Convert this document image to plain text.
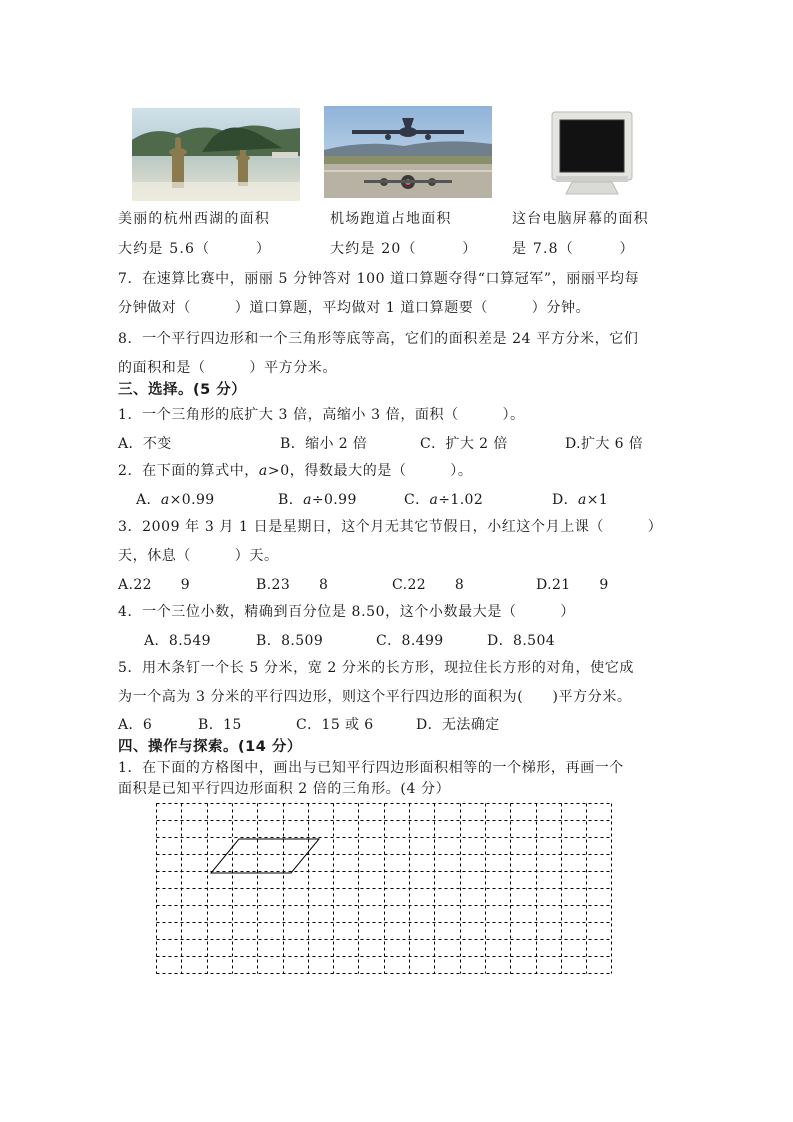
美丽的杭州西湖的面积
大约是 5.6（　　　）
机场跑道占地面积
大约是 20（　　　）
这台电脑屏幕的面积
是 7.8（　　　）
7．在速算比赛中，丽丽 5 分钟答对 100 道口算题夺得“口算冠军”，丽丽平均每
分钟做对（　　　）道口算题，平均做对 1 道口算题要（　　　）分钟。
8．一个平行四边形和一个三角形等底等高，它们的面积差是 24 平方分米，它们
的面积和是（　　　）平方分米。
三、选择。(5 分）
1．一个三角形的底扩大 3 倍，高缩小 3 倍，面积（　　　）。
A．不变	B．缩小 2 倍	C．扩大 2 倍	D.扩大 6 倍
2．在下面的算式中，a>0，得数最大的是（　　　）。
A．a×0.99	B．a÷0.99	C．a÷1.02	D．a×1
3．2009 年 3 月 1 日是星期日，这个月无其它节假日，小红这个月上课（　　　）
天，休息（　　　）天。
A.22　　9	B.23　　8	C.22　　8	D.21　　9
4．一个三位小数，精确到百分位是 8.50，这个小数最大是（　　　）
A．8.549	B．8.509	C．8.499	D．8.504
5．用木条钉一个长 5 分米，宽 2 分米的长方形，现拉住长方形的对角，使它成
为一个高为 3 分米的平行四边形，则这个平行四边形的面积为(　　)平方分米。
A．6	B．15	C．15 或 6	D．无法确定
四、操作与探索。(14 分）
1．在下面的方格图中，画出与已知平行四边形面积相等的一个梯形，再画一个
面积是已知平行四边形面积 2 倍的三角形。(4 分）
